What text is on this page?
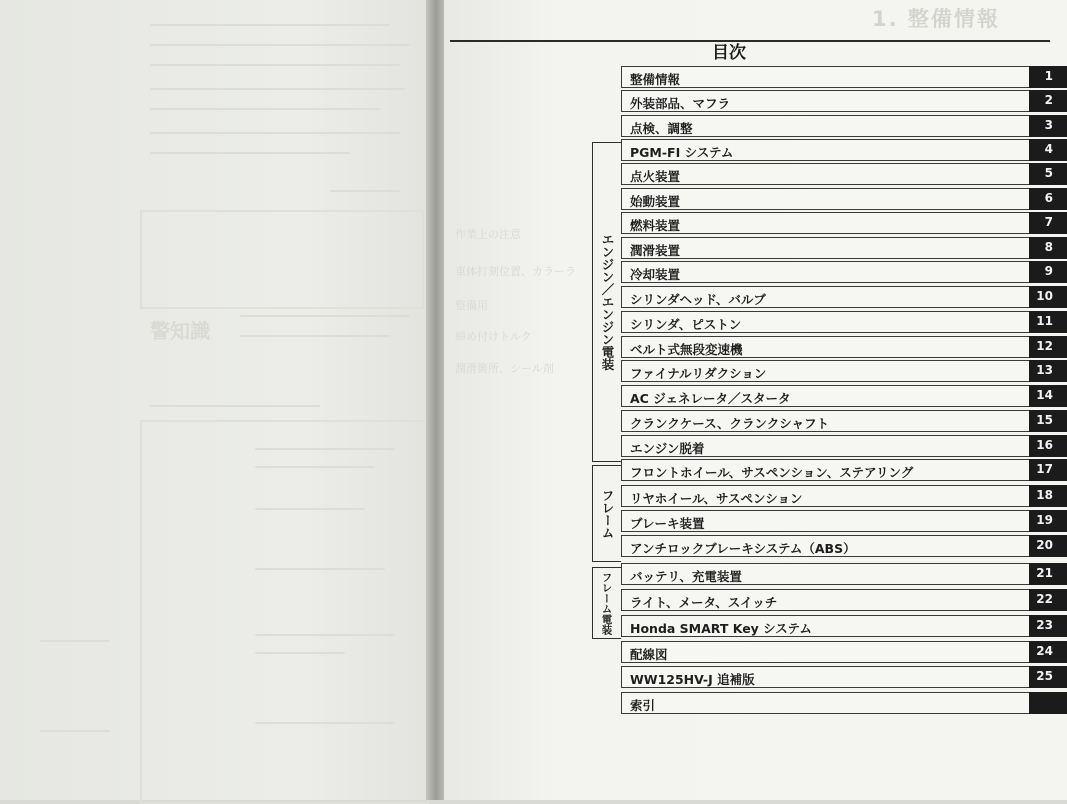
警知識
1. 整備情報
目次
作業上の注意
車体打刻位置、カラーラ
整備用
締め付けトルク
潤滑箇所、シール剤	エンジン／エンジン電装
フレーム
フレーム電装
整備情報	1
外装部品、マフラ	2
点検、調整	3
PGM-FI システム	4
点火装置	5
始動装置	6
燃料装置	7
潤滑装置	8
冷却装置	9
シリンダヘッド、バルブ	10
シリンダ、ピストン	11
ベルト式無段変速機	12
ファイナルリダクション	13
AC ジェネレータ／スタータ	14
クランクケース、クランクシャフト	15
エンジン脱着	16
フロントホイール、サスペンション、ステアリング	17
リヤホイール、サスペンション	18
ブレーキ装置	19
アンチロックブレーキシステム（ABS）	20
バッテリ、充電装置	21
ライト、メータ、スイッチ	22
Honda SMART Key システム	23
配線図	24
WW125HV-J 追補版	25
索引
